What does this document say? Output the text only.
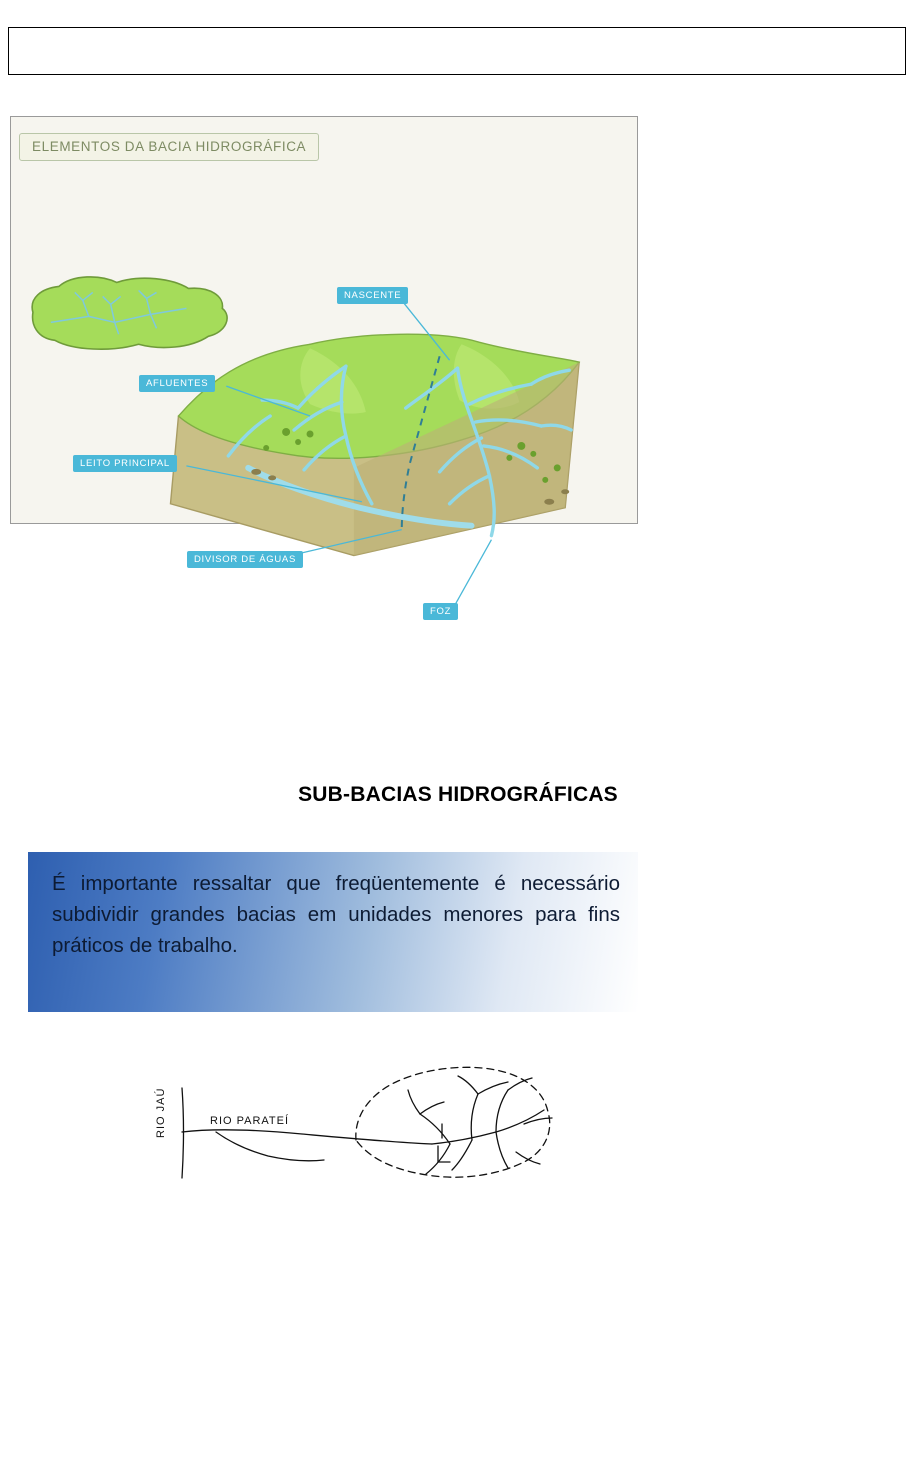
ELEMENTOS DA BACIA HIDROGRÁFICA
NASCENTE
AFLUENTES
LEITO PRINCIPAL
DIVISOR DE ÁGUAS
FOZ
SUB-BACIAS HIDROGRÁFICAS

É importante ressaltar que freqüentemente é necessário subdividir grandes bacias em unidades menores para fins práticos de trabalho.

RIO JAÚ	RIO PARATEÍ
